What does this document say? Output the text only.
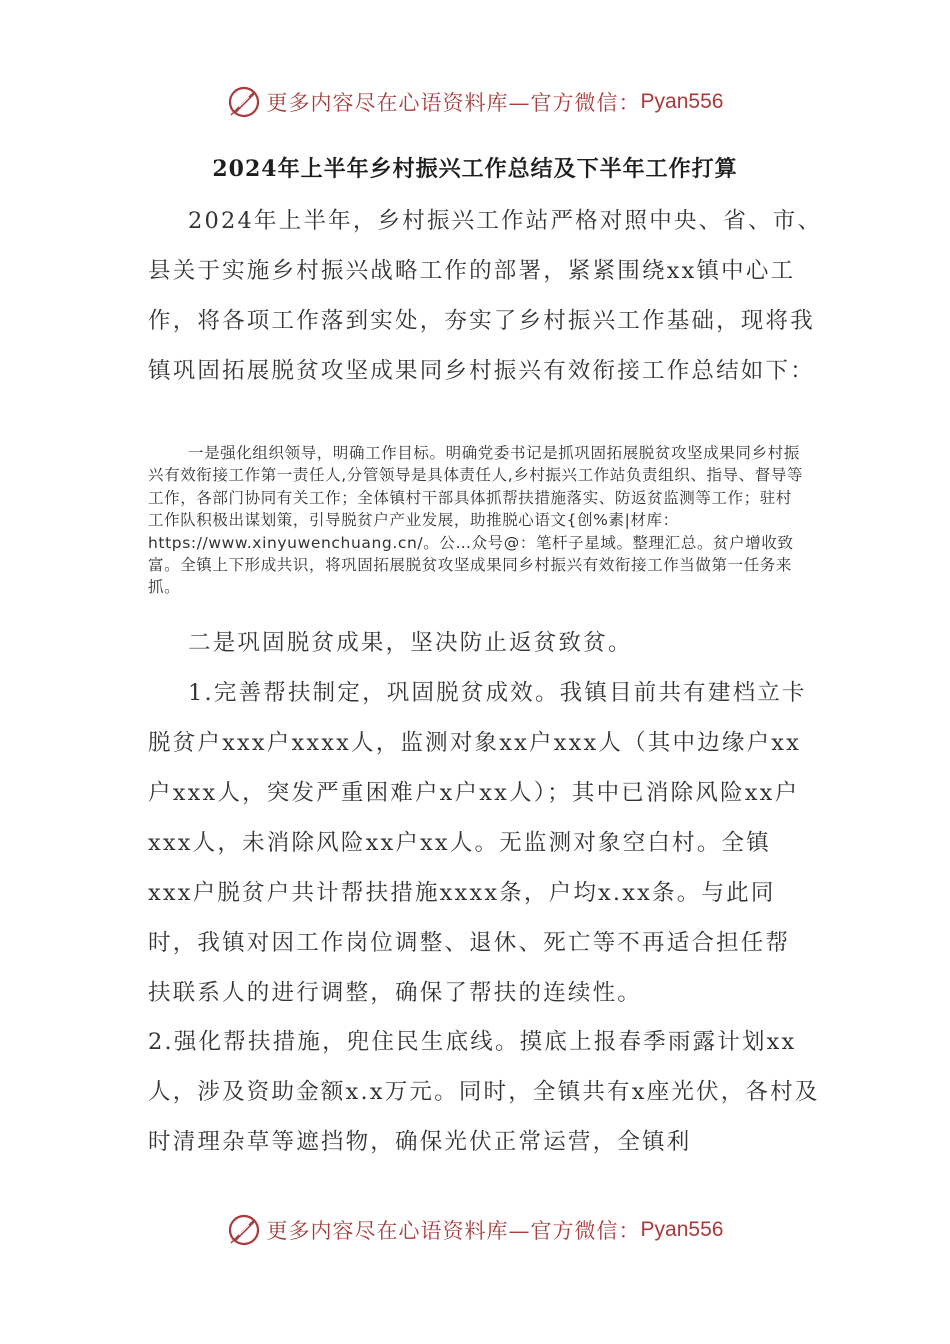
更多内容尽在心语资料库—官方微信： Pyan556
2024年上半年乡村振兴工作总结及下半年工作打算
2024年上半年，乡村振兴工作站严格对照中央、省、市、县关于实施乡村振兴战略工作的部署，紧紧围绕xx镇中心工作，将各项工作落到实处，夯实了乡村振兴工作基础，现将我镇巩固拓展脱贫攻坚成果同乡村振兴有效衔接工作总结如下：
一是强化组织领导，明确工作目标。明确党委书记是抓巩固拓展脱贫攻坚成果同乡村振兴有效衔接工作第一责任人,分管领导是具体责任人,乡村振兴工作站负责组织、指导、督导等工作，各部门协同有关工作；全体镇村干部具体抓帮扶措施落实、防返贫监测等工作；驻村工作队积极出谋划策，引导脱贫户产业发展，助推脱心语文{创%素|材库：https://www.xinyuwenchuang.cn/。公…众号@：笔杆子星域。整理汇总。贫户增收致富。全镇上下形成共识，将巩固拓展脱贫攻坚成果同乡村振兴有效衔接工作当做第一任务来抓。
二是巩固脱贫成果，坚决防止返贫致贫。
1.完善帮扶制定，巩固脱贫成效。我镇目前共有建档立卡脱贫户xxx户xxxx人，监测对象xx户xxx人（其中边缘户xx户xxx人，突发严重困难户x户xx人）；其中已消除风险xx户xxx人，未消除风险xx户xx人。无监测对象空白村。全镇xxx户脱贫户共计帮扶措施xxxx条，户均x.xx条。与此同时，我镇对因工作岗位调整、退休、死亡等不再适合担任帮扶联系人的进行调整，确保了帮扶的连续性。
2.强化帮扶措施，兜住民生底线。摸底上报春季雨露计划xx人，涉及资助金额x.x万元。同时，全镇共有x座光伏，各村及时清理杂草等遮挡物，确保光伏正常运营，全镇利
更多内容尽在心语资料库—官方微信： Pyan556
